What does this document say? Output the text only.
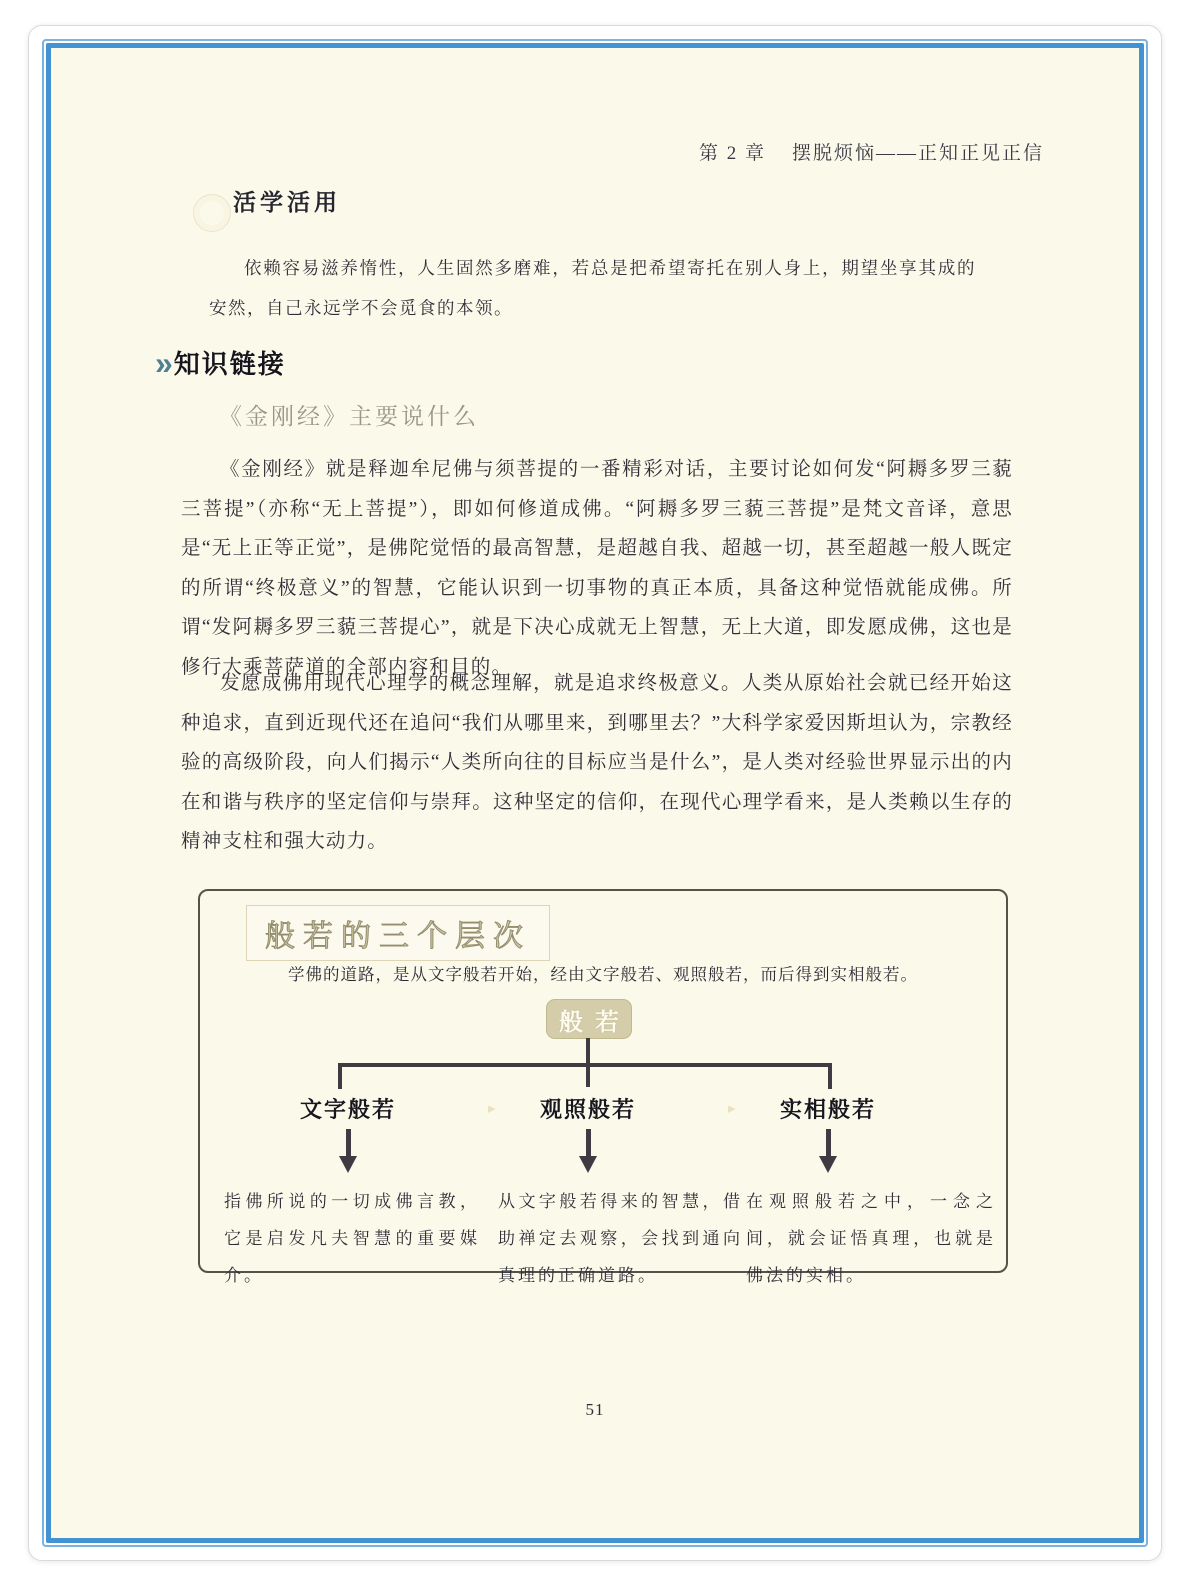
第 2 章 摆脱烦恼——正知正见正信
活学活用

依赖容易滋养惰性，人生固然多磨难，若总是把希望寄托在别人身上，期望坐享其成的安然，自己永远学不会觅食的本领。

» 知识链接
《金刚经》主要说什么

《金刚经》就是释迦牟尼佛与须菩提的一番精彩对话，主要讨论如何发“阿耨多罗三藐三菩提”（亦称“无上菩提”），即如何修道成佛。“阿耨多罗三藐三菩提”是梵文音译，意思是“无上正等正觉”，是佛陀觉悟的最高智慧，是超越自我、超越一切，甚至超越一般人既定的所谓“终极意义”的智慧，它能认识到一切事物的真正本质，具备这种觉悟就能成佛。所谓“发阿耨多罗三藐三菩提心”，就是下决心成就无上智慧，无上大道，即发愿成佛，这也是修行大乘菩萨道的全部内容和目的。

发愿成佛用现代心理学的概念理解，就是追求终极意义。人类从原始社会就已经开始这种追求，直到近现代还在追问“我们从哪里来，到哪里去？”大科学家爱因斯坦认为，宗教经验的高级阶段，向人们揭示“人类所向往的目标应当是什么”，是人类对经验世界显示出的内在和谐与秩序的坚定信仰与崇拜。这种坚定的信仰，在现代心理学看来，是人类赖以生存的精神支柱和强大动力。

般若的三个层次
学佛的道路，是从文字般若开始，经由文字般若、观照般若，而后得到实相般若。
般若
文字般若	观照般若	实相般若
▸	▸

指佛所说的一切成佛言教，它是启发凡夫智慧的重要媒介。

从文字般若得来的智慧，借助禅定去观察，会找到通向真理的正确道路。

在观照般若之中，一念之间，就会证悟真理，也就是佛法的实相。

51
